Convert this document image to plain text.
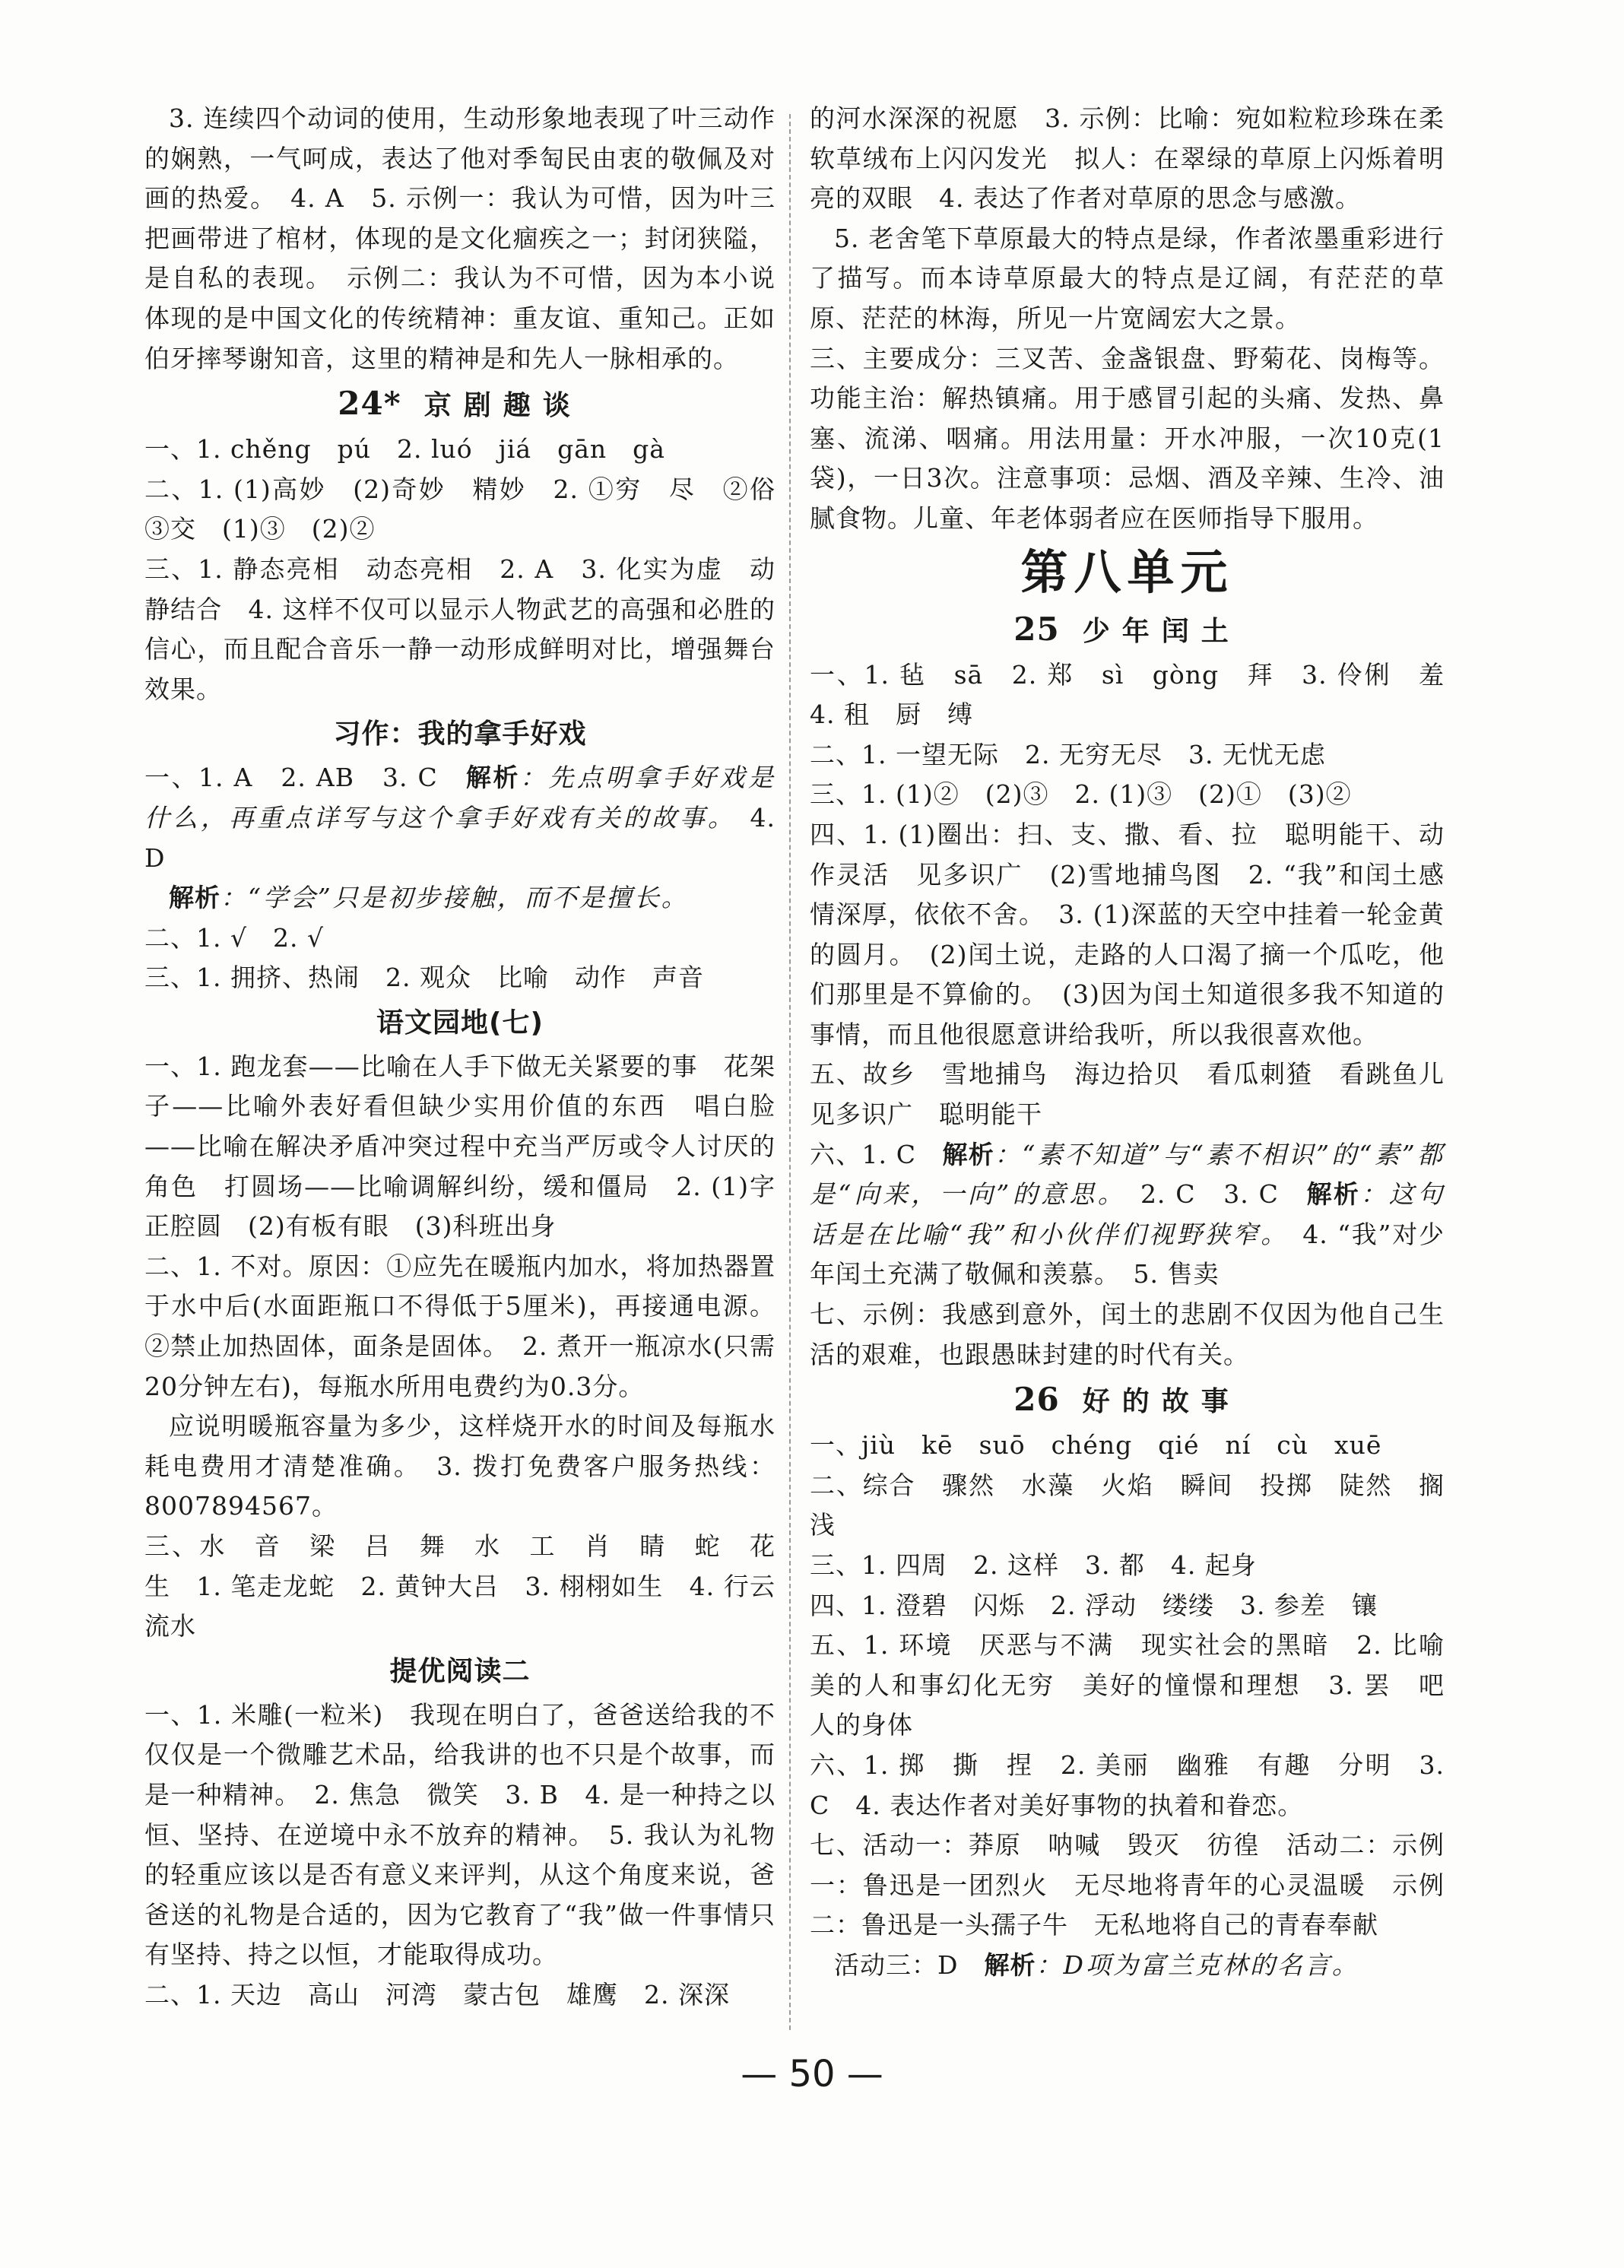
3. 连续四个动词的使用，生动形象地表现了叶三动作的娴熟，一气呵成，表达了他对季匋民由衷的敬佩及对画的热爱。　4. A　5. 示例一：我认为可惜，因为叶三把画带进了棺材，体现的是文化痼疾之一；封闭狭隘，是自私的表现。　示例二：我认为不可惜，因为本小说体现的是中国文化的传统精神：重友谊、重知己。正如伯牙摔琴谢知音，这里的精神是和先人一脉相承的。

24* 京剧趣谈

一、1. chěng　pú　2. luó　jiá　gān　gà

二、1. (1)高妙　(2)奇妙　精妙　2. ①穷　尽　②俗　③交　(1)③　(2)②

三、1. 静态亮相　动态亮相　2. A　3. 化实为虚　动静结合　4. 这样不仅可以显示人物武艺的高强和必胜的信心，而且配合音乐一静一动形成鲜明对比，增强舞台效果。

习作：我的拿手好戏

一、1. A　2. AB　3. C　解析：先点明拿手好戏是什么，再重点详写与这个拿手好戏有关的故事。　4. D

解析：“学会”只是初步接触，而不是擅长。

二、1. √　2. √

三、1. 拥挤、热闹　2. 观众　比喻　动作　声音

语文园地(七)

一、1. 跑龙套——比喻在人手下做无关紧要的事　花架子——比喻外表好看但缺少实用价值的东西　唱白脸——比喻在解决矛盾冲突过程中充当严厉或令人讨厌的角色　打圆场——比喻调解纠纷，缓和僵局　2. (1)字正腔圆　(2)有板有眼　(3)科班出身

二、1. 不对。原因：①应先在暖瓶内加水，将加热器置于水中后(水面距瓶口不得低于5厘米)，再接通电源。②禁止加热固体，面条是固体。　2. 煮开一瓶凉水(只需20分钟左右)，每瓶水所用电费约为0.3分。

应说明暖瓶容量为多少，这样烧开水的时间及每瓶水耗电费用才清楚准确。　3. 拨打免费客户服务热线：8007894567。

三、水　音　梁　吕　舞　水　工　肖　睛　蛇　花　生　1. 笔走龙蛇　2. 黄钟大吕　3. 栩栩如生　4. 行云流水

提优阅读二

一、1. 米雕(一粒米)　我现在明白了，爸爸送给我的不仅仅是一个微雕艺术品，给我讲的也不只是个故事，而是一种精神。　2. 焦急　微笑　3. B　4. 是一种持之以恒、坚持、在逆境中永不放弃的精神。　5. 我认为礼物的轻重应该以是否有意义来评判，从这个角度来说，爸爸送的礼物是合适的，因为它教育了“我”做一件事情只有坚持、持之以恒，才能取得成功。

二、1. 天边　高山　河湾　蒙古包　雄鹰　2. 深深

的河水深深的祝愿　3. 示例：比喻：宛如粒粒珍珠在柔软草绒布上闪闪发光　拟人：在翠绿的草原上闪烁着明亮的双眼　4. 表达了作者对草原的思念与感激。

5. 老舍笔下草原最大的特点是绿，作者浓墨重彩进行了描写。而本诗草原最大的特点是辽阔，有茫茫的草原、茫茫的林海，所见一片宽阔宏大之景。

三、主要成分：三叉苦、金盏银盘、野菊花、岗梅等。功能主治：解热镇痛。用于感冒引起的头痛、发热、鼻塞、流涕、咽痛。用法用量：开水冲服，一次10克(1袋)，一日3次。注意事项：忌烟、酒及辛辣、生冷、油腻食物。儿童、年老体弱者应在医师指导下服用。

第八单元
25 少年闰土

一、1. 毡　sā　2. 郑　sì　gòng　拜　3. 伶俐　羞　4. 租　厨　缚

二、1. 一望无际　2. 无穷无尽　3. 无忧无虑

三、1. (1)②　(2)③　2. (1)③　(2)①　(3)②

四、1. (1)圈出：扫、支、撒、看、拉　聪明能干、动作灵活　见多识广　(2)雪地捕鸟图　2. “我”和闰土感情深厚，依依不舍。　3. (1)深蓝的天空中挂着一轮金黄的圆月。　(2)闰土说，走路的人口渴了摘一个瓜吃，他们那里是不算偷的。　(3)因为闰土知道很多我不知道的事情，而且他很愿意讲给我听，所以我很喜欢他。

五、故乡　雪地捕鸟　海边拾贝　看瓜刺猹　看跳鱼儿　见多识广　聪明能干

六、1. C　解析：“素不知道”与“素不相识”的“素”都是“向来，一向”的意思。　2. C　3. C　解析：这句话是在比喻“我”和小伙伴们视野狭窄。　4. “我”对少年闰土充满了敬佩和羡慕。　5. 售卖

七、示例：我感到意外，闰土的悲剧不仅因为他自己生活的艰难，也跟愚昧封建的时代有关。

26 好的故事

一、jiù　kē　suō　chéng　qié　ní　cù　xuē

二、综合　骤然　水藻　火焰　瞬间　投掷　陡然　搁浅

三、1. 四周　2. 这样　3. 都　4. 起身

四、1. 澄碧　闪烁　2. 浮动　缕缕　3. 参差　镶

五、1. 环境　厌恶与不满　现实社会的黑暗　2. 比喻　美的人和事幻化无穷　美好的憧憬和理想　3. 罢　吧　人的身体

六、1. 掷　撕　捏　2. 美丽　幽雅　有趣　分明　3. C　4. 表达作者对美好事物的执着和眷恋。

七、活动一：莽原　呐喊　毁灭　彷徨　活动二：示例一：鲁迅是一团烈火　无尽地将青年的心灵温暖　示例二：鲁迅是一头孺子牛　无私地将自己的青春奉献

活动三：D　解析：D项为富兰克林的名言。

— 50 —
